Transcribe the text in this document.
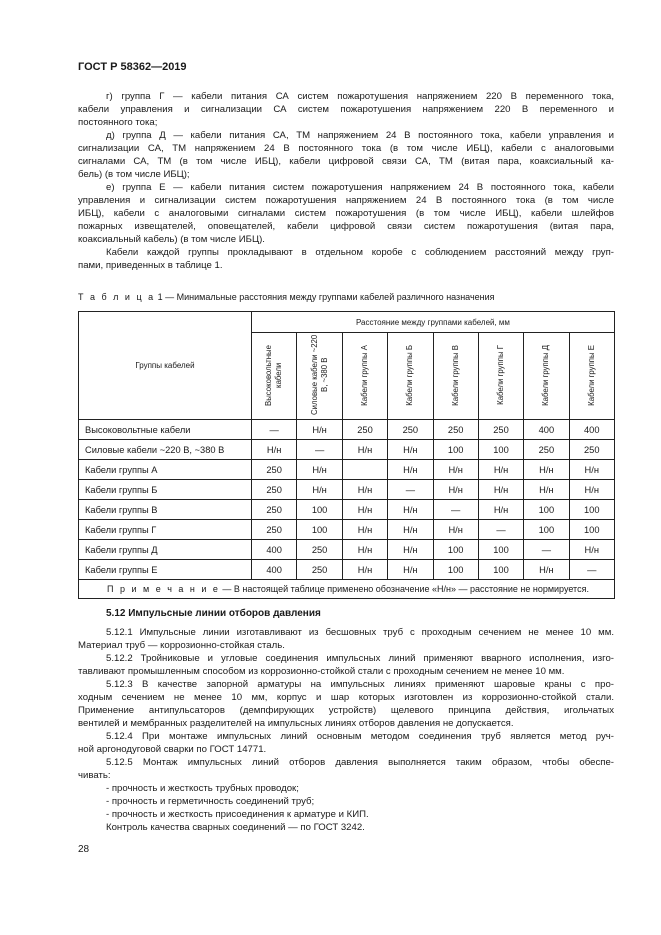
ГОСТ Р 58362—2019
г) группа Г — кабели питания СА систем пожаротушения напряжением 220 В переменного тока,
кабели управления и сигнализации СА систем пожаротушения напряжением 220 В переменного и
постоянного тока;
д) группа Д — кабели питания СА, ТМ напряжением 24 В постоянного тока, кабели управления и
сигнализации СА, ТМ напряжением 24 В постоянного тока (в том числе ИБЦ), кабели с аналоговыми
сигналами СА, ТМ (в том числе ИБЦ), кабели цифровой связи СА, ТМ (витая пара, коаксиальный ка-
бель) (в том числе ИБЦ);
е) группа Е — кабели питания систем пожаротушения напряжением 24 В постоянного тока, кабели
управления и сигнализации систем пожаротушения напряжением 24 В постоянного тока (в том числе
ИБЦ), кабели с аналоговыми сигналами систем пожаротушения (в том числе ИБЦ), кабели шлейфов
пожарных извещателей, оповещателей, кабели цифровой связи систем пожаротушения (витая пара,
коаксиальный кабель) (в том числе ИБЦ).
Кабели каждой группы прокладывают в отдельном коробе с соблюдением расстояний между груп-
пами, приведенных в таблице 1.
Т а б л и ц а 1 — Минимальные расстояния между группами кабелей различного назначения
Группы кабелей	Расстояние между группами кабелей, мм							
	Высоковольтные кабели	Силовые кабели ~220 В, ~380 В	Кабели группы А	Кабели группы Б	Кабели группы В	Кабели группы Г	Кабели группы Д	Кабели группы Е
Высоковольтные кабели	—	Н/н	250	250	250	250	400	400
Силовые кабели ~220 В, ~380 В	Н/н	—	Н/н	Н/н	100	100	250	250
Кабели группы А	250	Н/н		Н/н	Н/н	Н/н	Н/н	Н/н
Кабели группы Б	250	Н/н	Н/н	—	Н/н	Н/н	Н/н	Н/н
Кабели группы В	250	100	Н/н	Н/н	—	Н/н	100	100
Кабели группы Г	250	100	Н/н	Н/н	Н/н	—	100	100
Кабели группы Д	400	250	Н/н	Н/н	100	100	—	Н/н
Кабели группы Е	400	250	Н/н	Н/н	100	100	Н/н	—
П р и м е ч а н и е — В настоящей таблице применено обозначение «Н/н» — расстояние не нормируется.								
5.12 Импульсные линии отборов давления
5.12.1 Импульсные линии изготавливают из бесшовных труб с проходным сечением не менее 10 мм.
Материал труб — коррозионно-стойкая сталь.
5.12.2 Тройниковые и угловые соединения импульсных линий применяют вварного исполнения, изго-
тавливают промышленным способом из коррозионно-стойкой стали с проходным сечением не менее 10 мм.
5.12.3 В качестве запорной арматуры на импульсных линиях применяют шаровые краны с про-
ходным сечением не менее 10 мм, корпус и шар которых изготовлен из коррозионно-стойкой стали.
Применение антипульсаторов (демпфирующих устройств) щелевого принципа действия, игольчатых
вентилей и мембранных разделителей на импульсных линиях отборов давления не допускается.
5.12.4 При монтаже импульсных линий основным методом соединения труб является метод руч-
ной аргонодуговой сварки по ГОСТ 14771.
5.12.5 Монтаж импульсных линий отборов давления выполняется таким образом, чтобы обеспе-
чивать:
- прочность и жесткость трубных проводок;
- прочность и герметичность соединений труб;
- прочность и жесткость присоединения к арматуре и КИП.
Контроль качества сварных соединений — по ГОСТ 3242.
28
